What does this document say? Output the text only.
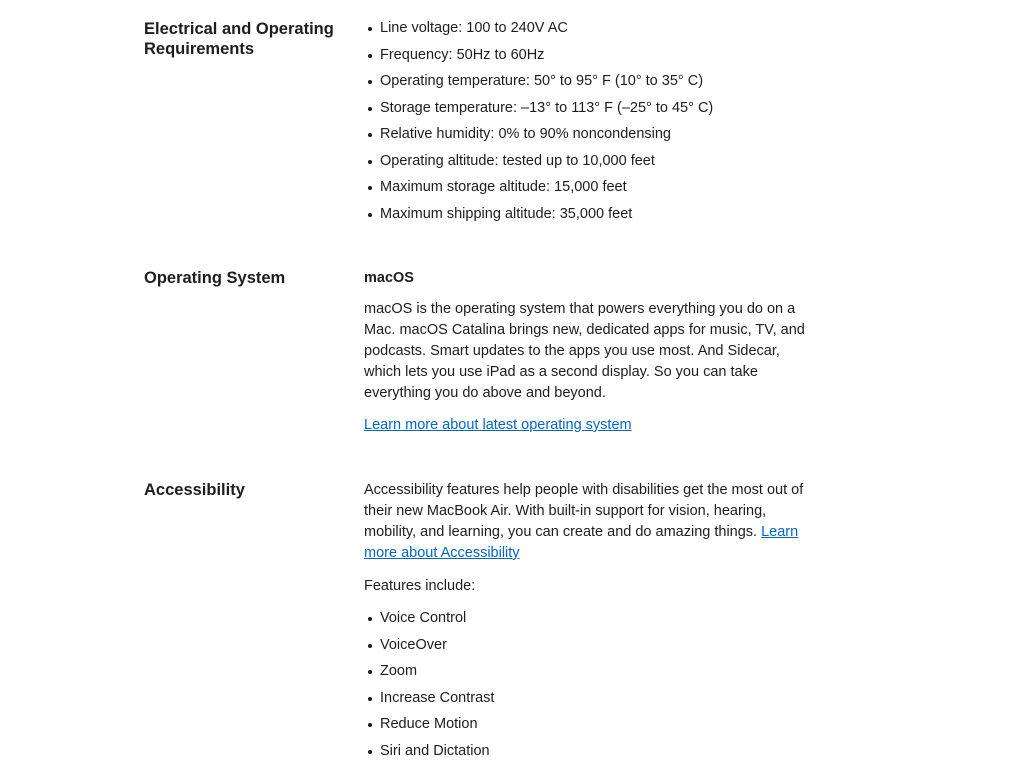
Electrical and Operating Requirements
Line voltage: 100 to 240V AC
Frequency: 50Hz to 60Hz
Operating temperature: 50° to 95° F (10° to 35° C)
Storage temperature: –13° to 113° F (–25° to 45° C)
Relative humidity: 0% to 90% noncondensing
Operating altitude: tested up to 10,000 feet
Maximum storage altitude: 15,000 feet
Maximum shipping altitude: 35,000 feet
Operating System	macOS

macOS is the operating system that powers everything you do on a Mac. macOS Catalina brings new, dedicated apps for music, TV, and podcasts. Smart updates to the apps you use most. And Sidecar, which lets you use iPad as a second display. So you can take everything you do above and beyond.

Learn more about latest operating system

Accessibility	Accessibility features help people with disabilities get the most out of their new MacBook Air. With built-in support for vision, hearing, mobility, and learning, you can create and do amazing things. Learn more about Accessibility

Features include:

Voice Control
VoiceOver
Zoom
Increase Contrast
Reduce Motion
Siri and Dictation
